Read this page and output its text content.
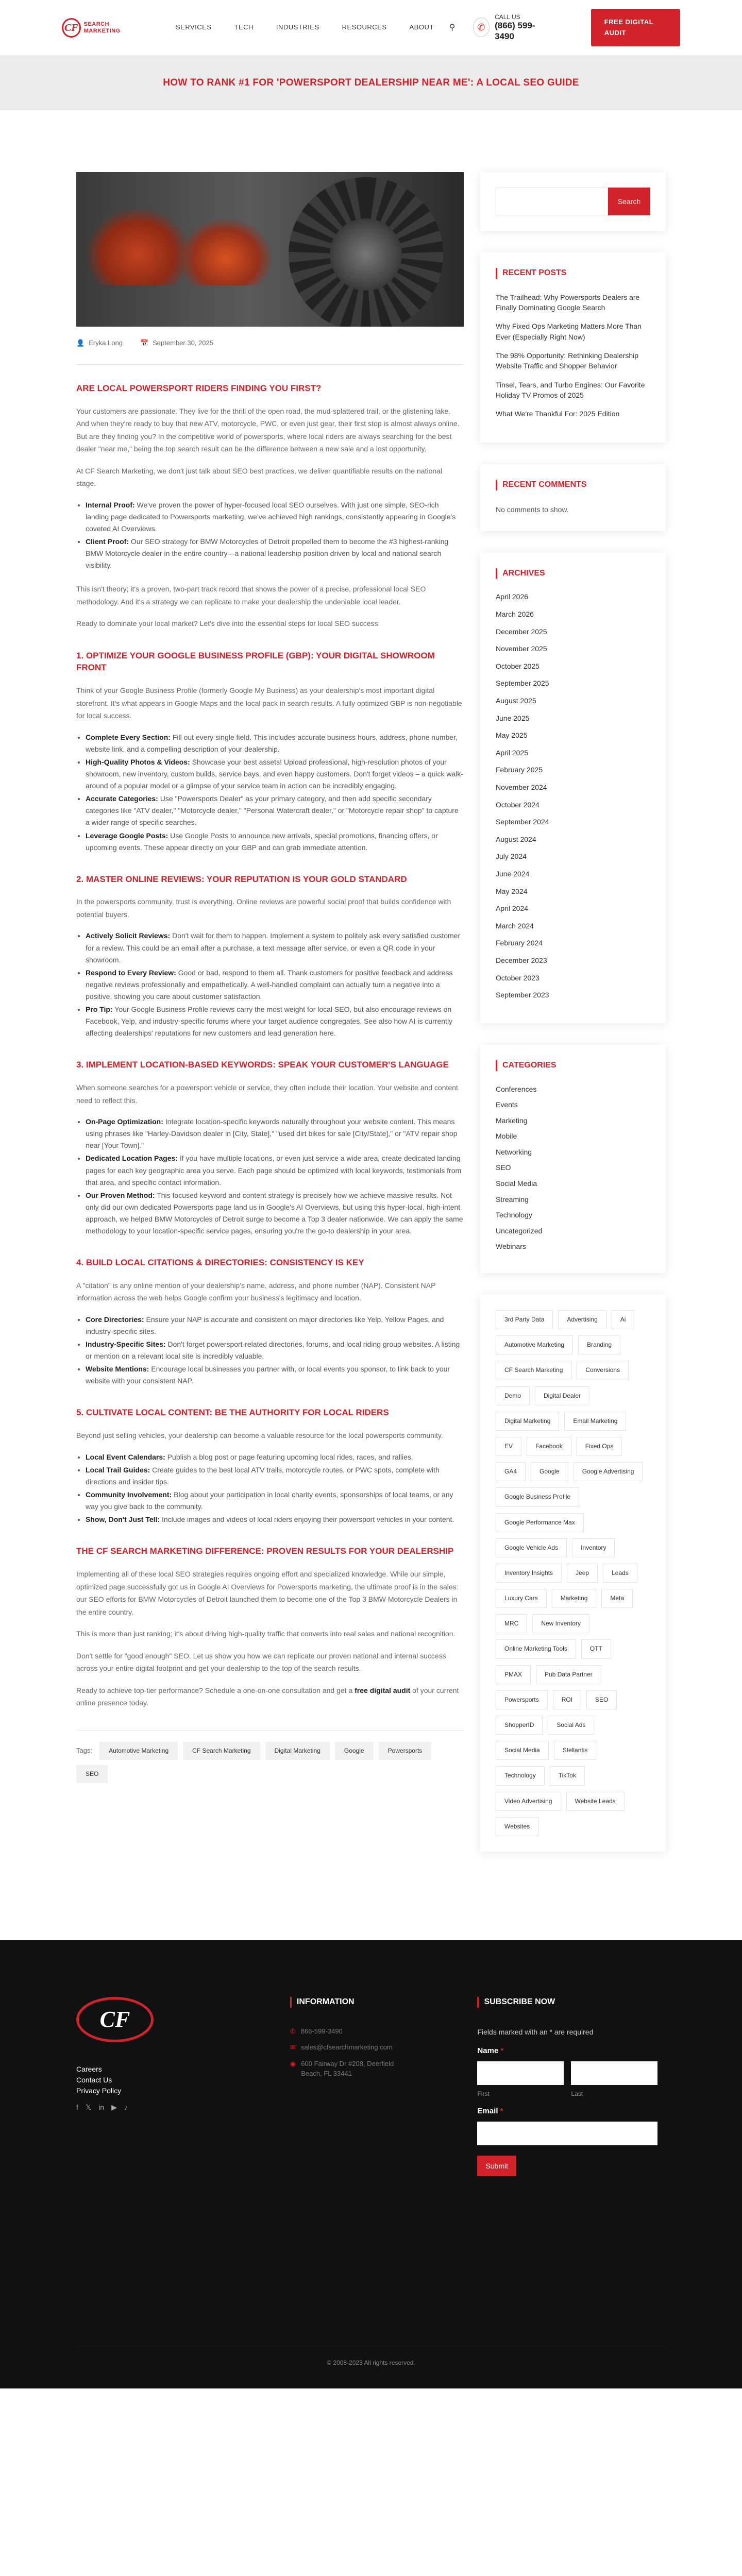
CF SEARCH MARKETING	SERVICES	TECH	INDUSTRIES	RESOURCES	ABOUT ⚲	✆
CALL US
(866) 599-3490
FREE DIGITAL AUDIT
HOW TO RANK #1 FOR 'POWERSPORT DEALERSHIP NEAR ME': A LOCAL SEO GUIDE
👤 Eryka Long	📅 September 30, 2025
ARE LOCAL POWERSPORT RIDERS FINDING YOU FIRST?

Your customers are passionate. They live for the thrill of the open road, the mud-splattered trail, or the glistening lake. And when they're ready to buy that new ATV, motorcycle, PWC, or even just gear, their first stop is almost always online. But are they finding you? In the competitive world of powersports, where local riders are always searching for the best dealer "near me," being the top search result can be the difference between a new sale and a lost opportunity.

At CF Search Marketing, we don't just talk about SEO best practices, we deliver quantifiable results on the national stage.

• Internal Proof: We've proven the power of hyper-focused local SEO ourselves. With just one simple, SEO-rich landing page dedicated to Powersports marketing, we've achieved high rankings, consistently appearing in Google's coveted AI Overviews.
• Client Proof: Our SEO strategy for BMW Motorcycles of Detroit propelled them to become the #3 highest-ranking BMW Motorcycle dealer in the entire country—a national leadership position driven by local and national search visibility.

This isn't theory; it's a proven, two-part track record that shows the power of a precise, professional local SEO methodology. And it's a strategy we can replicate to make your dealership the undeniable local leader.

Ready to dominate your local market? Let's dive into the essential steps for local SEO success:

1. OPTIMIZE YOUR GOOGLE BUSINESS PROFILE (GBP): YOUR DIGITAL SHOWROOM FRONT

Think of your Google Business Profile (formerly Google My Business) as your dealership's most important digital storefront. It's what appears in Google Maps and the local pack in search results. A fully optimized GBP is non-negotiable for local success.

• Complete Every Section: Fill out every single field. This includes accurate business hours, address, phone number, website link, and a compelling description of your dealership.
• High-Quality Photos & Videos: Showcase your best assets! Upload professional, high-resolution photos of your showroom, new inventory, custom builds, service bays, and even happy customers. Don't forget videos – a quick walk-around of a popular model or a glimpse of your service team in action can be incredibly engaging.
• Accurate Categories: Use "Powersports Dealer" as your primary category, and then add specific secondary categories like "ATV dealer," "Motorcycle dealer," "Personal Watercraft dealer," or "Motorcycle repair shop" to capture a wider range of specific searches.
• Leverage Google Posts: Use Google Posts to announce new arrivals, special promotions, financing offers, or upcoming events. These appear directly on your GBP and can grab immediate attention.
2. MASTER ONLINE REVIEWS: YOUR REPUTATION IS YOUR GOLD STANDARD

In the powersports community, trust is everything. Online reviews are powerful social proof that builds confidence with potential buyers.

• Actively Solicit Reviews: Don't wait for them to happen. Implement a system to politely ask every satisfied customer for a review. This could be an email after a purchase, a text message after service, or even a QR code in your showroom.
• Respond to Every Review: Good or bad, respond to them all. Thank customers for positive feedback and address negative reviews professionally and empathetically. A well-handled complaint can actually turn a negative into a positive, showing you care about customer satisfaction.
• Pro Tip: Your Google Business Profile reviews carry the most weight for local SEO, but also encourage reviews on Facebook, Yelp, and industry-specific forums where your target audience congregates. See also how AI is currently affecting dealerships' reputations for new customers and lead generation here.
3. IMPLEMENT LOCATION-BASED KEYWORDS: SPEAK YOUR CUSTOMER'S LANGUAGE

When someone searches for a powersport vehicle or service, they often include their location. Your website and content need to reflect this.

• On-Page Optimization: Integrate location-specific keywords naturally throughout your website content. This means using phrases like "Harley-Davidson dealer in [City, State]," "used dirt bikes for sale [City/State]," or "ATV repair shop near [Your Town]."
• Dedicated Location Pages: If you have multiple locations, or even just service a wide area, create dedicated landing pages for each key geographic area you serve. Each page should be optimized with local keywords, testimonials from that area, and specific contact information.
• Our Proven Method: This focused keyword and content strategy is precisely how we achieve massive results. Not only did our own dedicated Powersports page land us in Google's AI Overviews, but using this hyper-local, high-intent approach, we helped BMW Motorcycles of Detroit surge to become a Top 3 dealer nationwide. We can apply the same methodology to your location-specific service pages, ensuring you're the go-to dealership in your area.
4. BUILD LOCAL CITATIONS & DIRECTORIES: CONSISTENCY IS KEY

A "citation" is any online mention of your dealership's name, address, and phone number (NAP). Consistent NAP information across the web helps Google confirm your business's legitimacy and location.

• Core Directories: Ensure your NAP is accurate and consistent on major directories like Yelp, Yellow Pages, and industry-specific sites.
• Industry-Specific Sites: Don't forget powersport-related directories, forums, and local riding group websites. A listing or mention on a relevant local site is incredibly valuable.
• Website Mentions: Encourage local businesses you partner with, or local events you sponsor, to link back to your website with your consistent NAP.
5. CULTIVATE LOCAL CONTENT: BE THE AUTHORITY FOR LOCAL RIDERS

Beyond just selling vehicles, your dealership can become a valuable resource for the local powersports community.

• Local Event Calendars: Publish a blog post or page featuring upcoming local rides, races, and rallies.
• Local Trail Guides: Create guides to the best local ATV trails, motorcycle routes, or PWC spots, complete with directions and insider tips.
• Community Involvement: Blog about your participation in local charity events, sponsorships of local teams, or any way you give back to the community.
• Show, Don't Just Tell: Include images and videos of local riders enjoying their powersport vehicles in your content.
THE CF SEARCH MARKETING DIFFERENCE: PROVEN RESULTS FOR YOUR DEALERSHIP

Implementing all of these local SEO strategies requires ongoing effort and specialized knowledge. While our simple, optimized page successfully got us in Google AI Overviews for Powersports marketing, the ultimate proof is in the sales: our SEO efforts for BMW Motorcycles of Detroit launched them to become one of the Top 3 BMW Motorcycle Dealers in the entire country.

This is more than just ranking; it's about driving high-quality traffic that converts into real sales and national recognition.

Don't settle for "good enough" SEO. Let us show you how we can replicate our proven national and internal success across your entire digital footprint and get your dealership to the top of the search results.

Ready to achieve top-tier performance? Schedule a one-on-one consultation and get a free digital audit of your current online presence today.

Tags:	Automotive Marketing	CF Search Marketing	Digital Marketing	Google	Powersports
SEO
Search
RECENT POSTS
The Trailhead: Why Powersports Dealers are Finally Dominating Google Search
Why Fixed Ops Marketing Matters More Than Ever (Especially Right Now)
The 98% Opportunity: Rethinking Dealership Website Traffic and Shopper Behavior
Tinsel, Tears, and Turbo Engines: Our Favorite Holiday TV Promos of 2025
What We're Thankful For: 2025 Edition
RECENT COMMENTS
No comments to show.
ARCHIVES
April 2026
March 2026
December 2025
November 2025
October 2025
September 2025
August 2025
June 2025
May 2025
April 2025
February 2025
November 2024
October 2024
September 2024
August 2024
July 2024
June 2024
May 2024
April 2024
March 2024
February 2024
December 2023
October 2023
September 2023
CATEGORIES
Conferences
Events
Marketing
Mobile
Networking
SEO
Social Media
Streaming
Technology
Uncategorized
Webinars
3rd Party Data	Advertising	Ai
Automotive Marketing	Branding
CF Search Marketing	Conversions
Demo	Digital Dealer
Digital Marketing	Email Marketing
EV	Facebook	Fixed Ops
GA4	Google	Google Advertising
Google Business Profile
Google Performance Max
Google Vehicle Ads	Inventory
Inventory Insights	Jeep	Leads
Luxury Cars	Marketing	Meta
MRC	New Inventory
Online Marketing Tools	OTT
PMAX	Pub Data Partner
Powersports	ROI	SEO
ShopperID	Social Ads
Social Media	Stellantis
Technology	TikTok
Video Advertising	Website Leads
Websites
CF
Careers
Contact Us
Privacy Policy
f 𝕏 in ▶ ♪
INFORMATION
✆ 866-599-3490
✉ sales@cfsearchmarketing.com
◉ 600 Fairway Dr #208, Deerfield Beach, FL 33441
SUBSCRIBE NOW
Fields marked with an * are required
Name *
First	Last
Email *
Submit
© 2008-2023 All rights reserved.
